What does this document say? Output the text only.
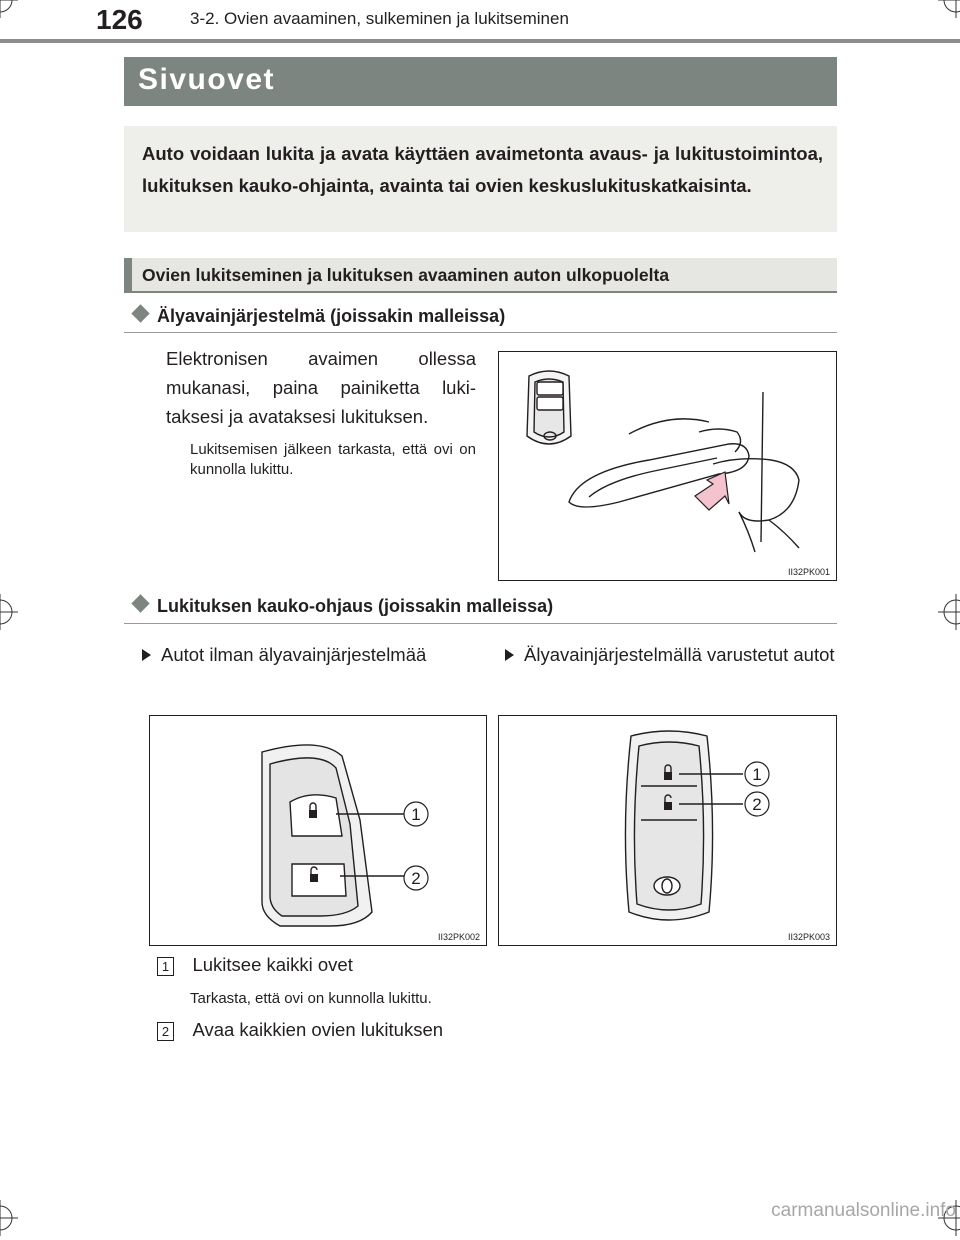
126	3-2. Ovien avaaminen, sulkeminen ja lukitseminen
Sivuovet
Auto voidaan lukita ja avata käyttäen avaimetonta avaus- ja lukitustoimintoa, lukituksen kauko-ohjainta, avainta tai ovien keskuslukituskatkaisinta.
Ovien lukitseminen ja lukituksen avaaminen auton ulkopuolelta
Älyavainjärjestelmä (joissakin malleissa)
Elektronisen avaimen ollessa mukanasi, paina painiketta luki-taksesi ja avataksesi lukituksen.
Lukitsemisen jälkeen tarkasta, että ovi on kunnolla lukittu.
II32PK001
Lukituksen kauko-ohjaus (joissakin malleissa)
Autot ilman älyavainjärjestelmää	Älyavainjärjestelmällä varustetut autot
1
2
II32PK002
1
2
II32PK003
1 Lukitsee kaikki ovet
Tarkasta, että ovi on kunnolla lukittu.
2 Avaa kaikkien ovien lukituksen
carmanualsonline.info
